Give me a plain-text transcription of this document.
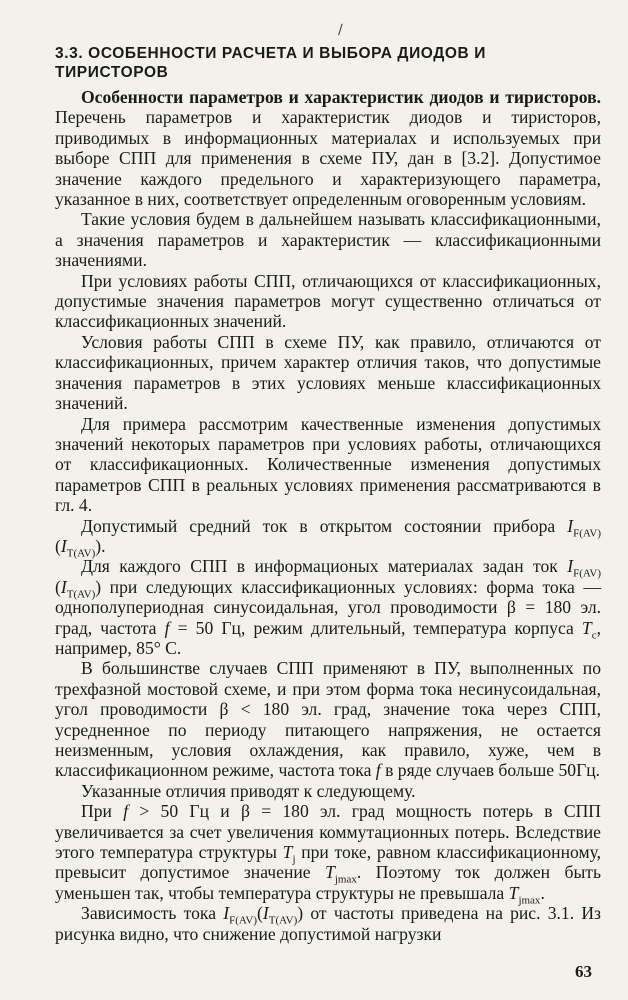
∕
3.3. ОСОБЕННОСТИ РАСЧЕТА И ВЫБОРА ДИОДОВ И ТИРИСТОРОВ

Особенности параметров и характеристик диодов и тиристоров. Перечень параметров и характеристик диодов и тиристоров, приводимых в информационных материалах и используемых при выборе СПП для применения в схеме ПУ, дан в [3.2]. Допустимое значение каждого предельного и характеризующего параметра, указанное в них, соответствует определенным оговоренным условиям.

Такие условия будем в дальнейшем называть классификационными, а значения параметров и характеристик — классификационными значениями.

При условиях работы СПП, отличающихся от классификационных, допустимые значения параметров могут существенно отличаться от классификационных значений.

Условия работы СПП в схеме ПУ, как правило, отличаются от классификационных, причем характер отличия таков, что допустимые значения параметров в этих условиях меньше классификационных значений.

Для примера рассмотрим качественные изменения допустимых значений некоторых параметров при условиях работы, отличающихся от классификационных. Количественные изменения допустимых параметров СПП в реальных условиях применения рассматриваются в гл. 4.

Допустимый средний ток в открытом состоянии прибора $I_{F(AV)}$ $(I_{T(AV)})$.

Для каждого СПП в информационых материалах задан ток $I_{F(AV)}$ $(I_{T(AV)})$ при следующих классификационных условиях: форма тока — однополупериодная синусоидальная, угол проводимости β = 180 эл. град, частота f = 50 Гц, режим длительный, температура корпуса $T_c$, например, 85° С.

В большинстве случаев СПП применяют в ПУ, выполненных по трехфазной мостовой схеме, и при этом форма тока несинусоидальная, угол проводимости β < 180 эл. град, значение тока через СПП, усредненное по периоду питающего напряжения, не остается неизменным, условия охлаждения, как правило, хуже, чем в классификационном режиме, частота тока f в ряде случаев больше 50Гц.

Указанные отличия приводят к следующему.

При f > 50 Гц и β = 180 эл. град мощность потерь в СПП увеличивается за счет увеличения коммутационных потерь. Вследствие этого температура структуры $T_j$ при токе, равном классификационному, превысит допустимое значение $T_{jmax}$. Поэтому ток должен быть уменьшен так, чтобы температура структуры не превышала $T_{jmax}$.

Зависимость тока $I_{F(AV)}(I_{T(AV)})$ от частоты приведена на рис. 3.1. Из рисунка видно, что снижение допустимой нагрузки

63
